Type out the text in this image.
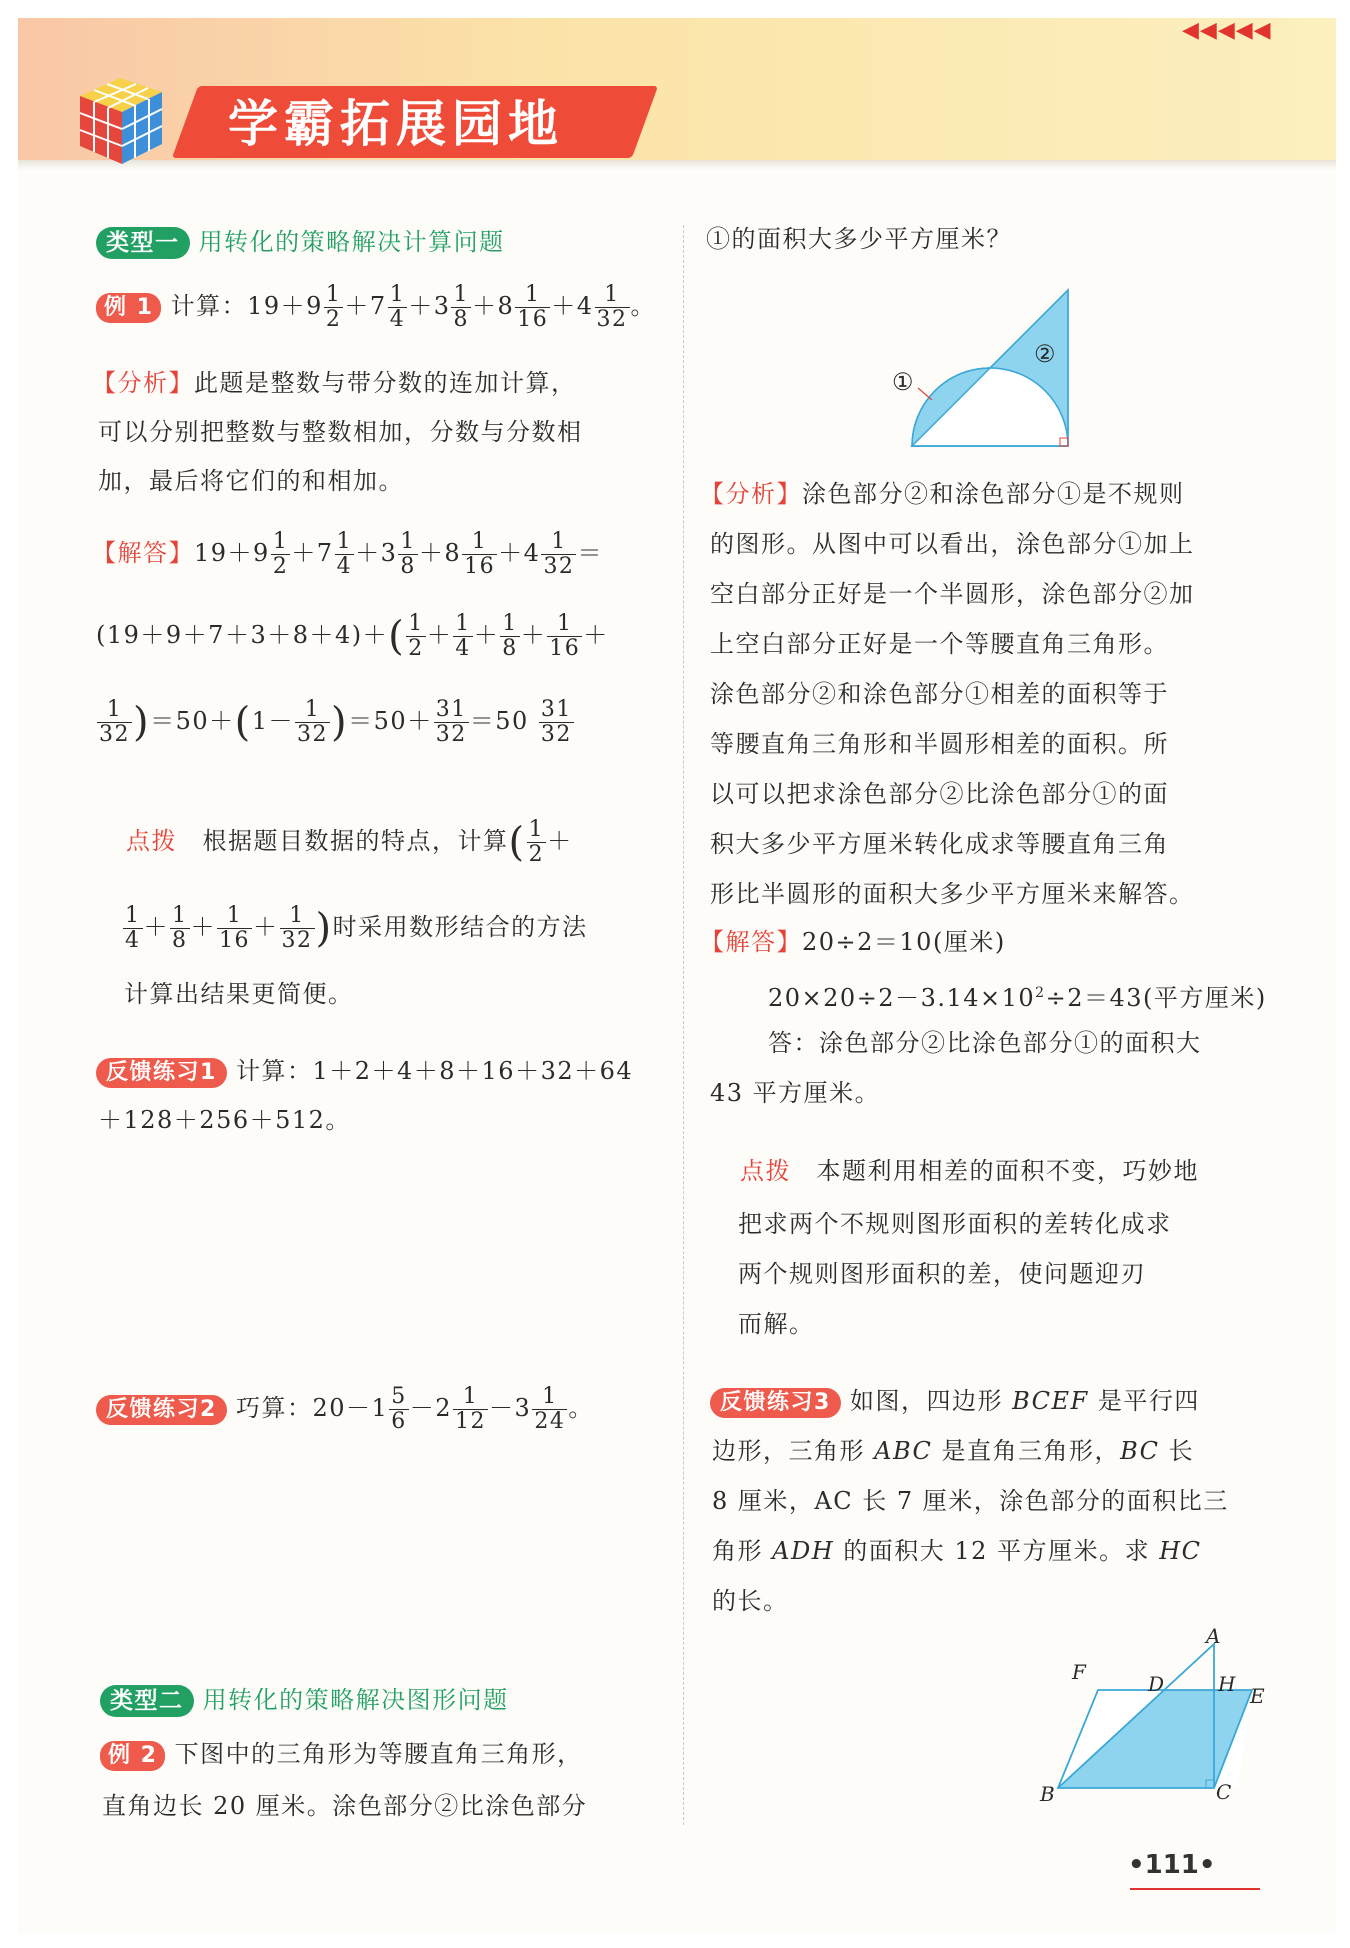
学霸拓展园地
◀◀◀◀◀
类型一 用转化的策略解决计算问题
例 1 计算：$19+9 \frac{1}{2} +7 \frac{1}{4} +3 \frac{1}{8} +8 \frac{1}{16} +4 \frac{1}{32}$ 。
【分析】此题是整数与带分数的连加计算，
可以分别把整数与整数相加，分数与分数相
加，最后将它们的和相加。
【解答】$19+9 \frac{1}{2} +7 \frac{1}{4} +3 \frac{1}{8} +8 \frac{1}{16} +4 \frac{1}{32}$ ＝
$(19+9+7+3+8+4)+( \frac{1}{2} + \frac{1}{4} + \frac{1}{8} + \frac{1}{16}$ ＋
$\frac{1}{32} )=50+(1- \frac{1}{32} )=50+ \frac{31}{32} =50 \frac{31}{32}$
点拨　 根据题目数据的特点，计算( $\frac{1}{2}$ ＋
$\frac{1}{4} + \frac{1}{8} + \frac{1}{16} + \frac{1}{32}$ )时采用数形结合的方法
计算出结果更简便。
反馈练习1 计算：1＋2＋4＋8＋16＋32＋64
＋128＋256＋512。
反馈练习2 巧算：$20-1 \frac{5}{6} -2 \frac{1}{12} -3 \frac{1}{24}$ 。
类型二 用转化的策略解决图形问题
例 2 下图中的三角形为等腰直角三角形，
直角边长 20 厘米。涂色部分②比涂色部分
①的面积大多少平方厘米？
①
②
【分析】涂色部分②和涂色部分①是不规则
的图形。从图中可以看出，涂色部分①加上
空白部分正好是一个半圆形，涂色部分②加
上空白部分正好是一个等腰直角三角形。
涂色部分②和涂色部分①相差的面积等于
等腰直角三角形和半圆形相差的面积。所
以可以把求涂色部分②比涂色部分①的面
积大多少平方厘米转化成求等腰直角三角
形比半圆形的面积大多少平方厘米来解答。
【解答】20÷2＝10(厘米)
$20\times 20\div 2-3.14\times 10^2\div 2=43$(平方厘米)
答：涂色部分②比涂色部分①的面积大
43 平方厘米。
点拨　 本题利用相差的面积不变，巧妙地
把求两个不规则图形面积的差转化成求
两个规则图形面积的差，使问题迎刃
而解。
反馈练习3 如图，四边形 BCEF 是平行四
边形，三角形 ABC 是直角三角形，BC 长
8 厘米，AC 长 7 厘米，涂色部分的面积比三
角形 ADH 的面积大 12 平方厘米。求 HC
的长。
A
F	D	H E
B	C
•111•
